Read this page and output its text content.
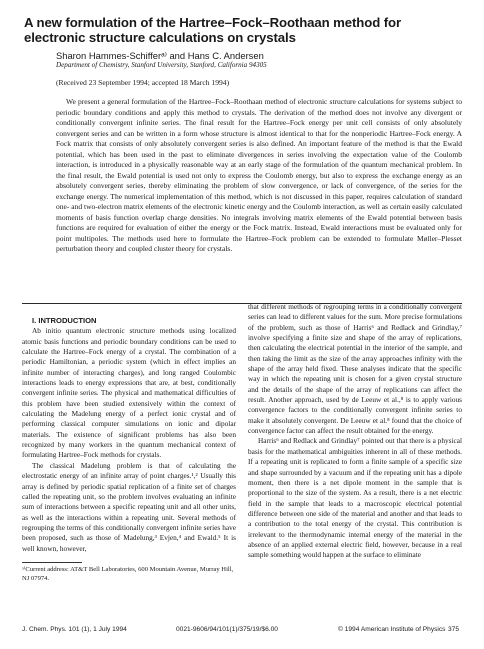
A new formulation of the Hartree–Fock–Roothaan method for electronic structure calculations on crystals
Sharon Hammes-Schifferᵃ⁾ and Hans C. Andersen
Department of Chemistry, Stanford University, Stanford, California 94305
(Received 23 September 1994; accepted 18 March 1994)

We present a general formulation of the Hartree–Fock–Roothaan method of electronic structure calculations for systems subject to periodic boundary conditions and apply this method to crystals. The derivation of the method does not involve any divergent or conditionally convergent infinite series. The final result for the Hartree–Fock energy per unit cell consists of only absolutely convergent series and can be written in a form whose structure is almost identical to that for the nonperiodic Hartree–Fock energy. A Fock matrix that consists of only absolutely convergent series is also defined. An important feature of the method is that the Ewald potential, which has been used in the past to eliminate divergences in series involving the expectation value of the Coulomb interaction, is introduced in a physically reasonable way at an early stage of the formulation of the quantum mechanical problem. In the final result, the Ewald potential is used not only to express the Coulomb energy, but also to express the exchange energy as an absolutely convergent series, thereby eliminating the problem of slow convergence, or lack of convergence, of the series for the exchange energy. The numerical implementation of this method, which is not discussed in this paper, requires calculation of standard one- and two-electron matrix elements of the electronic kinetic energy and the Coulomb interaction, as well as certain easily calculated moments of basis function overlap charge densities. No integrals involving matrix elements of the Ewald potential between basis functions are required for evaluation of either the energy or the Fock matrix. Instead, Ewald interactions must be evaluated only for point multipoles. The methods used here to formulate the Hartree–Fock problem can be extended to formulate Møller–Plesset perturbation theory and coupled cluster theory for crystals.

I. INTRODUCTION

Ab initio quantum electronic structure methods using localized atomic basis functions and periodic boundary conditions can be used to calculate the Hartree–Fock energy of a crystal. The combination of a periodic Hamiltonian, a periodic system (which in effect implies an infinite number of interacting charges), and long ranged Coulombic interactions leads to energy expressions that are, at best, conditionally convergent infinite series. The physical and mathematical difficulties of this problem have been studied extensively within the context of calculating the Madelung energy of a perfect ionic crystal and of performing classical computer simulations on ionic and dipolar materials. The existence of significant problems has also been recognized by many workers in the quantum mechanical context of formulating Hartree–Fock methods for crystals.

The classical Madelung problem is that of calculating the electrostatic energy of an infinite array of point charges.¹,² Usually this array is defined by periodic spatial replication of a finite set of charges called the repeating unit, so the problem involves evaluating an infinite sum of interactions between a specific repeating unit and all other units, as well as the interactions within a repeating unit. Several methods of regrouping the terms of this conditionally convergent infinite series have been proposed, such as those of Madelung,³ Evjen,⁴ and Ewald.⁵ It is well known, however,

that different methods of regrouping terms in a conditionally convergent series can lead to different values for the sum. More precise formulations of the problem, such as those of Harris⁶ and Redlack and Grindlay,⁷ involve specifying a finite size and shape of the array of replications, then calculating the electrical potential in the interior of the sample, and then taking the limit as the size of the array approaches infinity with the shape of the array held fixed. These analyses indicate that the specific way in which the repeating unit is chosen for a given crystal structure and the details of the shape of the array of replications can affect the result. Another approach, used by de Leeuw et al.,⁸ is to apply various convergence factors to the conditionally convergent infinite series to make it absolutely convergent. De Leeuw et al.⁸ found that the choice of convergence factor can affect the result obtained for the energy.

Harris⁶ and Redlack and Grindlay⁷ pointed out that there is a physical basis for the mathematical ambiguities inherent in all of these methods. If a repeating unit is replicated to form a finite sample of a specific size and shape surrounded by a vacuum and if the repeating unit has a dipole moment, then there is a net dipole moment in the sample that is proportional to the size of the system. As a result, there is a net electric field in the sample that leads to a macroscopic electrical potential difference between one side of the material and another and that leads to a contribution to the total energy of the crystal. This contribution is irrelevant to the thermodynamic internal energy of the material in the absence of an applied external electric field, however, because in a real sample something would happen at the surface to eliminate

ᵃ⁾Current address: AT&T Bell Laboratories, 600 Mountain Avenue, Murray Hill, NJ 07974.
J. Chem. Phys. 101 (1), 1 July 1994	0021-9606/94/101(1)/375/19/$6.00	© 1994 American Institute of Physics 375
